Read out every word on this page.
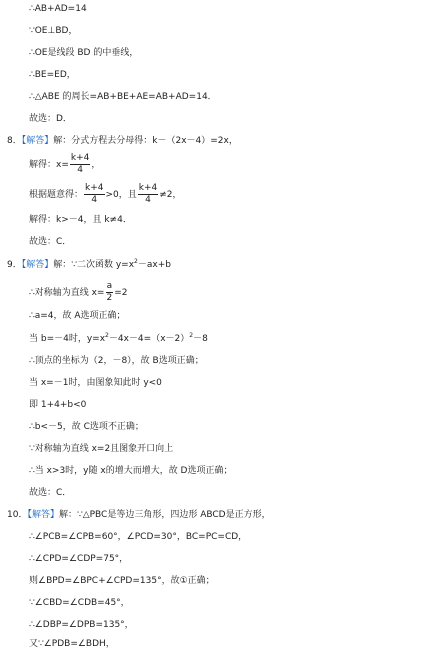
∴AB+AD=14
∵OE⊥BD，
∴OE是线段 BD 的中垂线，
∴BE=ED，
∴△ABE 的周长=AB+BE+AE=AB+AD=14．
故选：D．
8．【解答】解：分式方程去分母得：k－（2x－4）=2x，
解得：$x= \frac{k+4}{4}$ ，
根据题意得： $\frac{k+4}{4} >0$，且 $\frac{k+4}{4} \ne 2$，
解得：k>－4，且 k≠4．
故选：C．
9．【解答】解：∵二次函数 $y=x^2-ax+b$
∴对称轴为直线 $x= \frac{a}{2} =2$
∴a=4，故 A选项正确；
当 b=－4时，$y=x^2-4x-4=(x-2)^2-8$
∴顶点的坐标为（2，－8），故 B选项正确；
当 x=－1时，由图象知此时 y<0
即 1+4+b<0
∴b<－5，故 C选项不正确；
∵对称轴为直线 x=2且图象开口向上
∴当 x>3时，y随 x的增大而增大，故 D选项正确；
故选：C．
10．【解答】解：∵△PBC是等边三角形，四边形 ABCD是正方形，
∴∠PCB=∠CPB=60°，∠PCD=30°，BC=PC=CD，
∴∠CPD=∠CDP=75°，
则∠BPD=∠BPC+∠CPD=135°，故①正确；
∵∠CBD=∠CDB=45°，
∴∠DBP=∠DPB=135°，
又∵∠PDB=∠BDH，
